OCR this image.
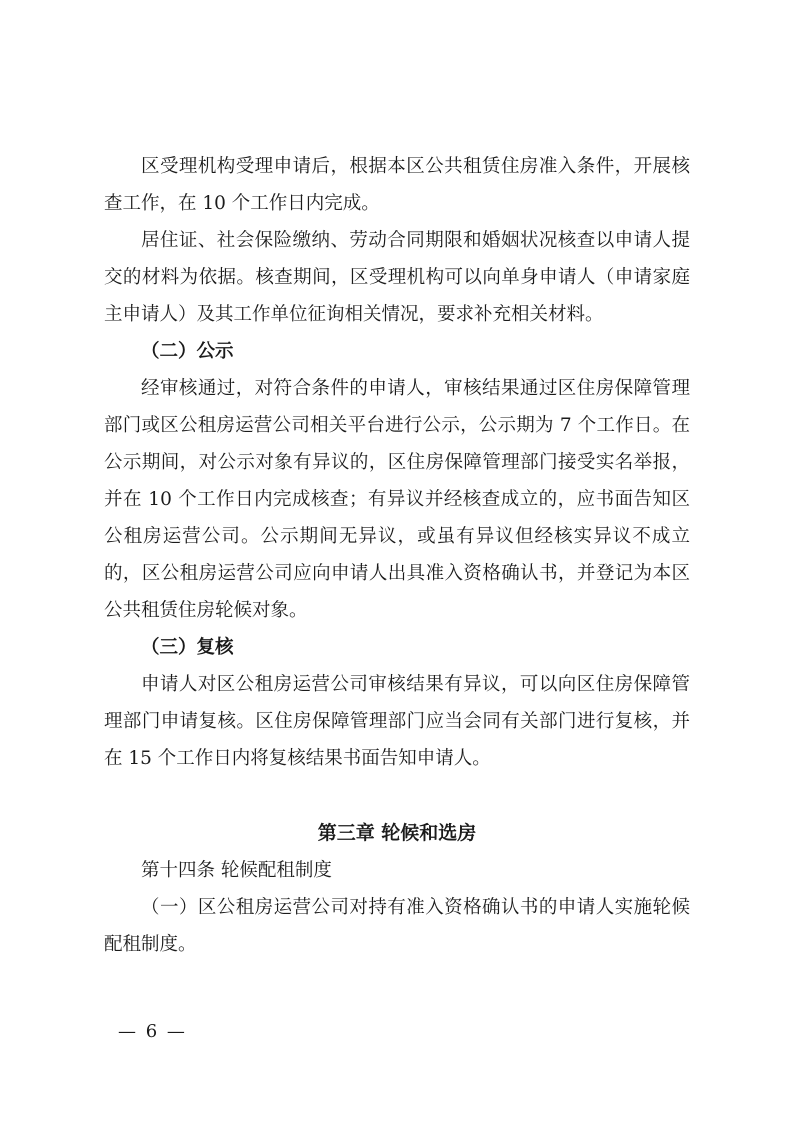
区受理机构受理申请后，根据本区公共租赁住房准入条件，开展核查工作，在 10 个工作日内完成。

居住证、社会保险缴纳、劳动合同期限和婚姻状况核查以申请人提交的材料为依据。核查期间，区受理机构可以向单身申请人（申请家庭主申请人）及其工作单位征询相关情况，要求补充相关材料。

（二）公示

经审核通过，对符合条件的申请人，审核结果通过区住房保障管理部门或区公租房运营公司相关平台进行公示，公示期为 7 个工作日。在公示期间，对公示对象有异议的，区住房保障管理部门接受实名举报，并在 10 个工作日内完成核查；有异议并经核查成立的，应书面告知区公租房运营公司。公示期间无异议，或虽有异议但经核实异议不成立的，区公租房运营公司应向申请人出具准入资格确认书，并登记为本区公共租赁住房轮候对象。

（三）复核

申请人对区公租房运营公司审核结果有异议，可以向区住房保障管理部门申请复核。区住房保障管理部门应当会同有关部门进行复核，并在 15 个工作日内将复核结果书面告知申请人。

第三章 轮候和选房

第十四条 轮候配租制度

（一）区公租房运营公司对持有准入资格确认书的申请人实施轮候配租制度。

— 6 —
